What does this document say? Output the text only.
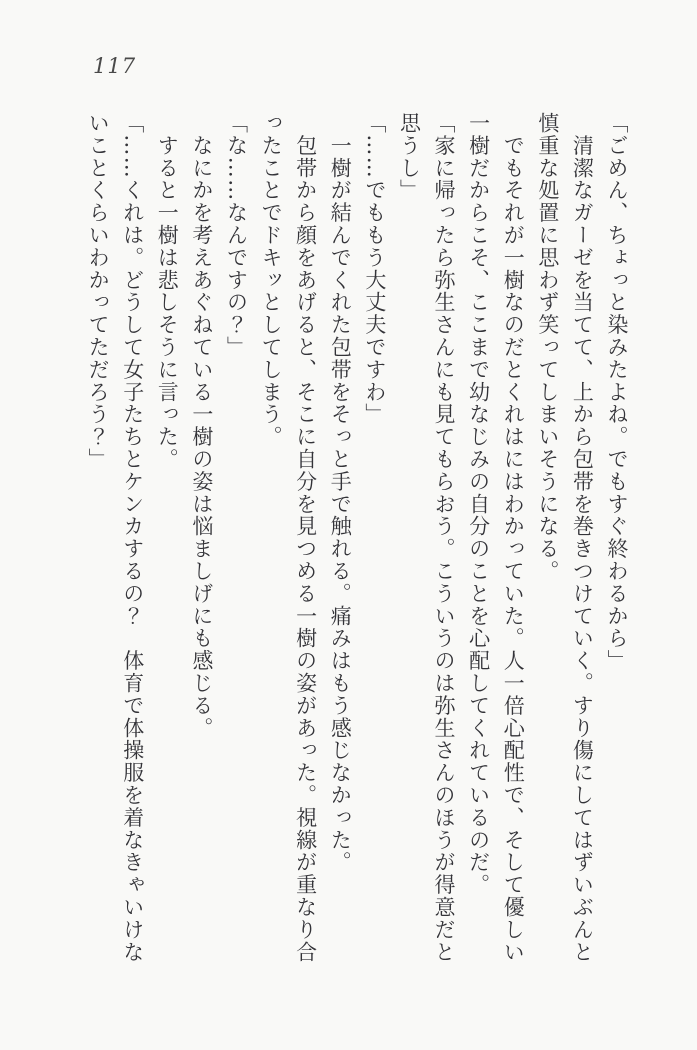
117
「ごめん、ちょっと染みたよね。でもすぐ終わるから」
　清潔なガーゼを当てて、上から包帯を巻きつけていく。すり傷にしてはずいぶんと
慎重な処置に思わず笑ってしまいそうになる。
　でもそれが一樹なのだとくれはにはわかっていた。人一倍心配性で、そして優しい
一樹だからこそ、ここまで幼なじみの自分のことを心配してくれているのだ。
「家に帰ったら弥生さんにも見てもらおう。こういうのは弥生さんのほうが得意だと
思うし」
「……でももう大丈夫ですわ」
　一樹が結んでくれた包帯をそっと手で触れる。痛みはもう感じなかった。
　包帯から顔をあげると、そこに自分を見つめる一樹の姿があった。視線が重なり合
ったことでドキッとしてしまう。
「な……なんですの？」
　なにかを考えあぐねている一樹の姿は悩ましげにも感じる。
　すると一樹は悲しそうに言った。
「……くれは。どうして女子たちとケンカするの？　体育で体操服を着なきゃいけな
いことくらいわかってただろう？」
